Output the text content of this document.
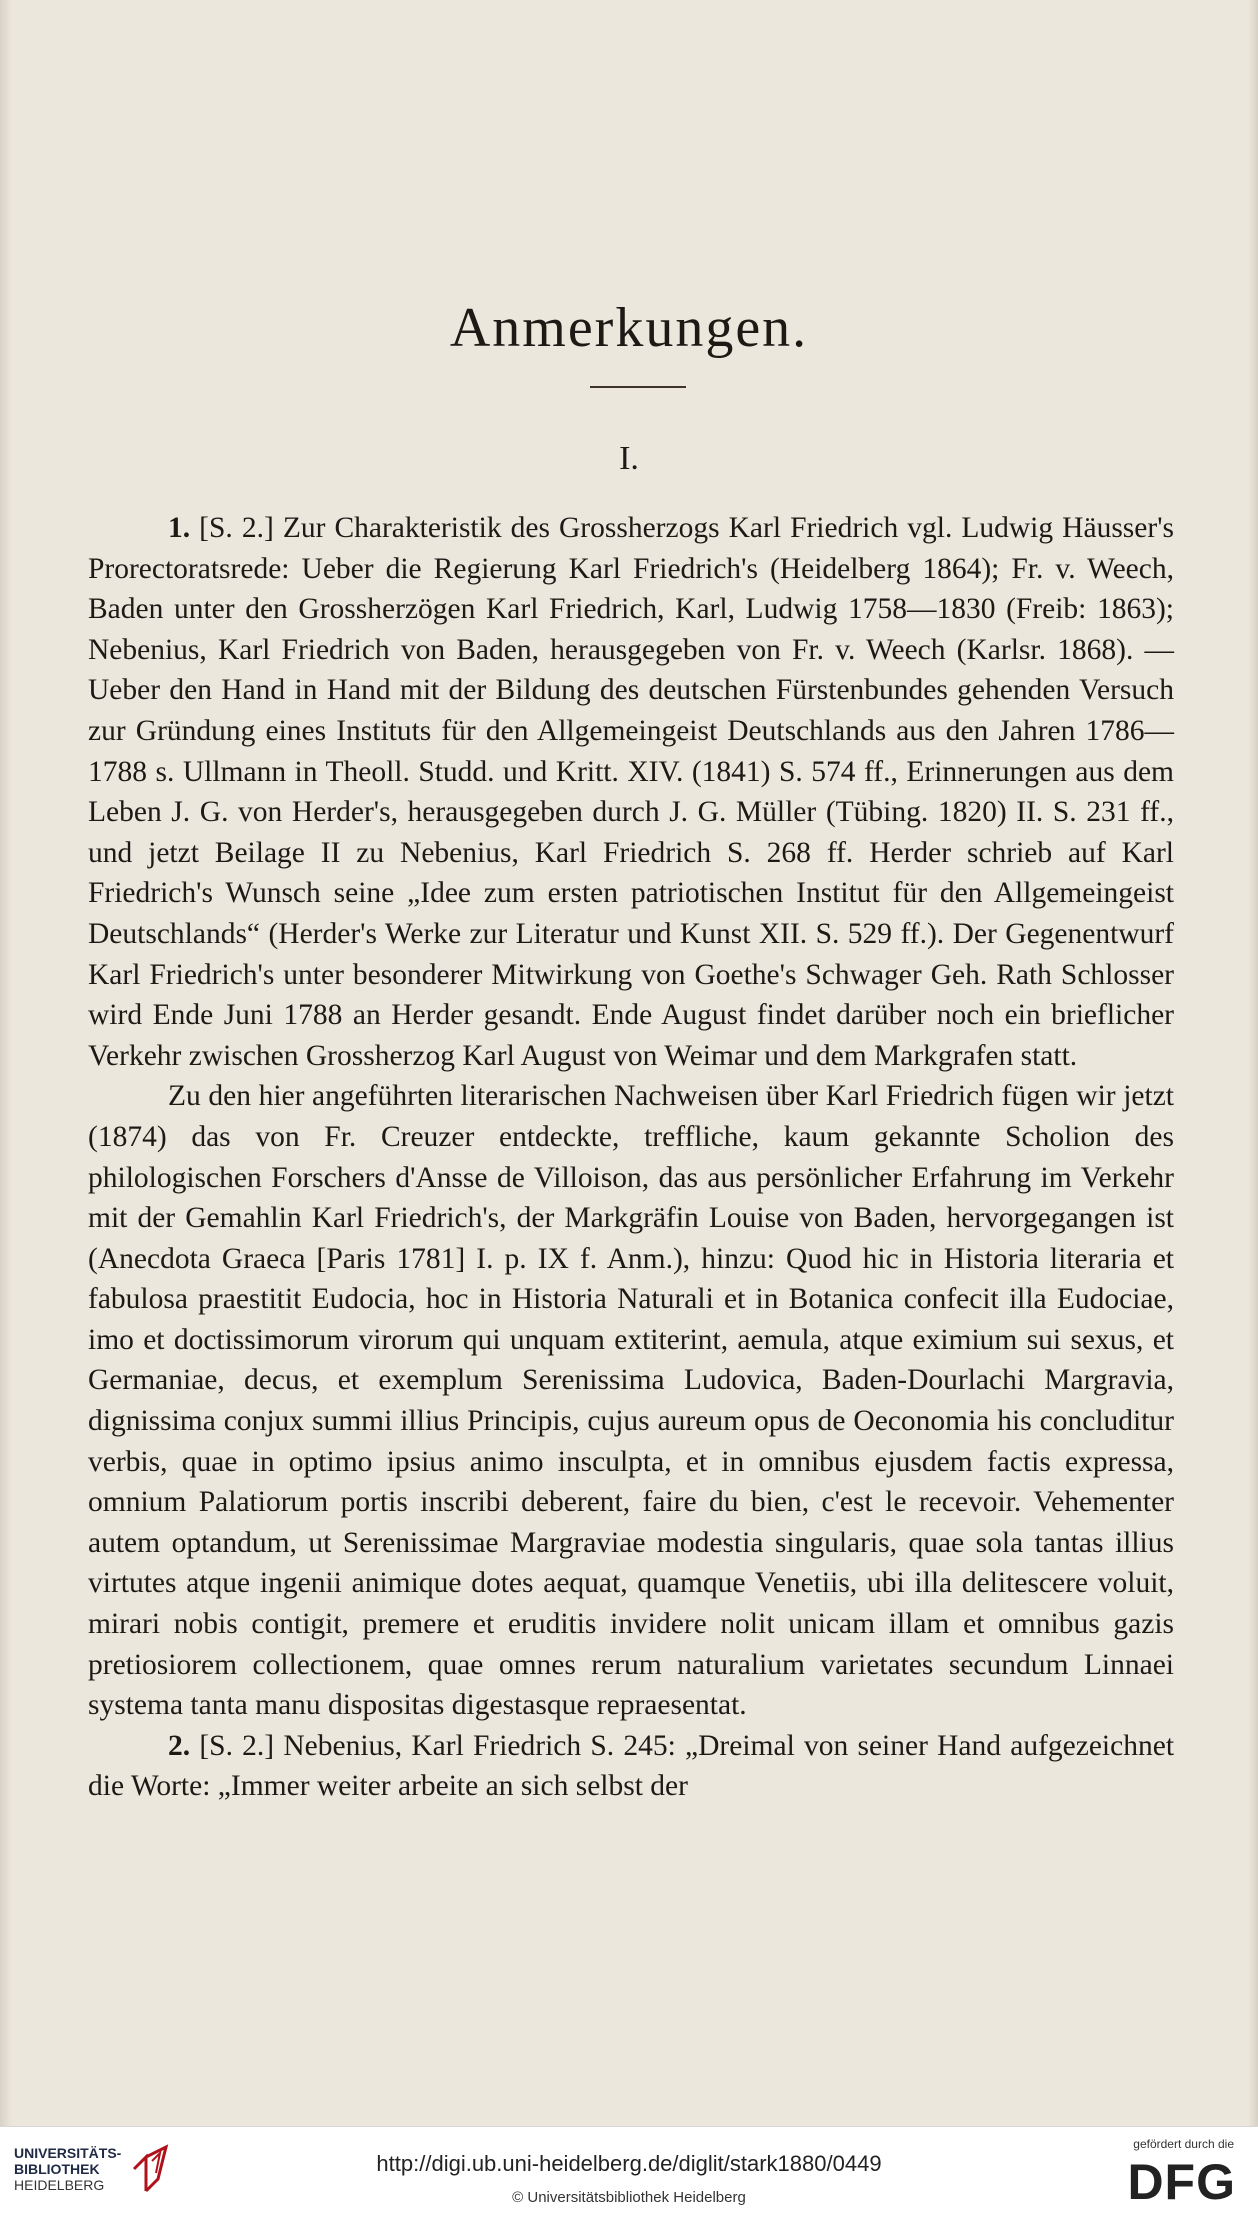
Anmerkungen.
I.

1. [S. 2.] Zur Charakteristik des Grossherzogs Karl Friedrich vgl. Ludwig Häusser's Prorectoratsrede: Ueber die Regierung Karl Friedrich's (Heidelberg 1864); Fr. v. Weech, Baden unter den Grossherzögen Karl Friedrich, Karl, Ludwig 1758—1830 (Freib: 1863); Nebenius, Karl Friedrich von Baden, herausgegeben von Fr. v. Weech (Karlsr. 1868). — Ueber den Hand in Hand mit der Bildung des deutschen Fürstenbundes gehenden Versuch zur Gründung eines Instituts für den Allgemeingeist Deutschlands aus den Jahren 1786—1788 s. Ullmann in Theoll. Studd. und Kritt. XIV. (1841) S. 574 ff., Erinnerungen aus dem Leben J. G. von Herder's, herausgegeben durch J. G. Müller (Tübing. 1820) II. S. 231 ff., und jetzt Beilage II zu Nebenius, Karl Friedrich S. 268 ff. Herder schrieb auf Karl Friedrich's Wunsch seine „Idee zum ersten patriotischen Institut für den Allgemeingeist Deutschlands“ (Herder's Werke zur Literatur und Kunst XII. S. 529 ff.). Der Gegenentwurf Karl Friedrich's unter besonderer Mitwirkung von Goethe's Schwager Geh. Rath Schlosser wird Ende Juni 1788 an Herder gesandt. Ende August findet darüber noch ein brieflicher Verkehr zwischen Grossherzog Karl August von Weimar und dem Markgrafen statt.

Zu den hier angeführten literarischen Nachweisen über Karl Friedrich fügen wir jetzt (1874) das von Fr. Creuzer entdeckte, treffliche, kaum gekannte Scholion des philologischen Forschers d'Ansse de Villoison, das aus persönlicher Erfahrung im Verkehr mit der Gemahlin Karl Friedrich's, der Markgräfin Louise von Baden, hervorgegangen ist (Anecdota Graeca [Paris 1781] I. p. IX f. Anm.), hinzu: Quod hic in Historia literaria et fabulosa praestitit Eudocia, hoc in Historia Naturali et in Botanica confecit illa Eudociae, imo et doctissimorum virorum qui unquam extiterint, aemula, atque eximium sui sexus, et Germaniae, decus, et exemplum Serenissima Ludovica, Baden-Dourlachi Margravia, dignissima conjux summi illius Principis, cujus aureum opus de Oeconomia his concluditur verbis, quae in optimo ipsius animo insculpta, et in omnibus ejusdem factis expressa, omnium Palatiorum portis inscribi deberent, faire du bien, c'est le recevoir. Vehementer autem optandum, ut Serenissimae Margraviae modestia singularis, quae sola tantas illius virtutes atque ingenii animique dotes aequat, quamque Venetiis, ubi illa delitescere voluit, mirari nobis contigit, premere et eruditis invidere nolit unicam illam et omnibus gazis pretiosiorem collectionem, quae omnes rerum naturalium varietates secundum Linnaei systema tanta manu dispositas digestasque repraesentat.

2. [S. 2.] Nebenius, Karl Friedrich S. 245: „Dreimal von seiner Hand aufgezeichnet die Worte: „Immer weiter arbeite an sich selbst der

UNIVERSITÄTS-
BIBLIOTHEK
HEIDELBERG
http://digi.ub.uni-heidelberg.de/diglit/stark1880/0449
© Universitätsbibliothek Heidelberg
gefördert durch die
DFG
